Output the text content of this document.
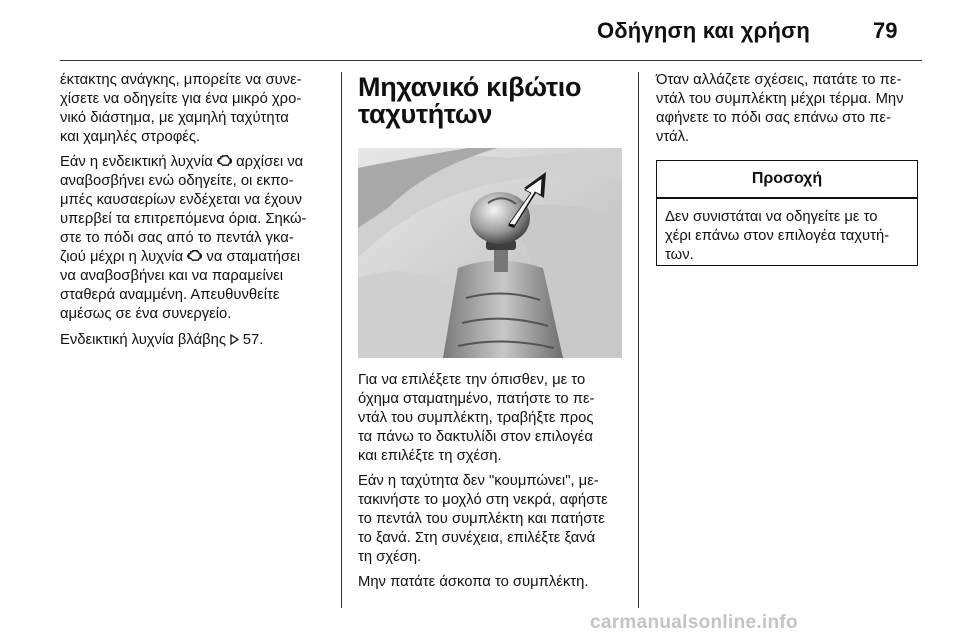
Οδήγηση και χρήση	79

έκτακτης ανάγκης, μπορείτε να συνε‐
χίσετε να οδηγείτε για ένα μικρό χρο‐
νικό διάστημα, με χαμηλή ταχύτητα
και χαμηλές στροφές.

Εάν η ενδεικτική λυχνία αρχίσει να
αναβοσβήνει ενώ οδηγείτε, οι εκπο‐
μπές καυσαερίων ενδέχεται να έχουν
υπερβεί τα επιτρεπόμενα όρια. Σηκώ‐
στε το πόδι σας από το πεντάλ γκα‐
ζιού μέχρι η λυχνία να σταματήσει
να αναβοσβήνει και να παραμείνει
σταθερά αναμμένη. Απευθυνθείτε
αμέσως σε ένα συνεργείο.

Ενδεικτική λυχνία βλάβης 57.

Μηχανικό κιβώτιο
ταχυτήτων

Για να επιλέξετε την όπισθεν, με το
όχημα σταματημένο, πατήστε το πε‐
ντάλ του συμπλέκτη, τραβήξτε προς
τα πάνω το δακτυλίδι στον επιλογέα
και επιλέξτε τη σχέση.

Εάν η ταχύτητα δεν "κουμπώνει", με‐
τακινήστε το μοχλό στη νεκρά, αφήστε
το πεντάλ του συμπλέκτη και πατήστε
το ξανά. Στη συνέχεια, επιλέξτε ξανά
τη σχέση.

Μην πατάτε άσκοπα το συμπλέκτη.

Όταν αλλάζετε σχέσεις, πατάτε το πε‐
ντάλ του συμπλέκτη μέχρι τέρμα. Μην
αφήνετε το πόδι σας επάνω στο πε‐
ντάλ.

Προσοχή
Δεν συνιστάται να οδηγείτε με το
χέρι επάνω στον επιλογέα ταχυτή‐
των.
carmanualsonline.info
